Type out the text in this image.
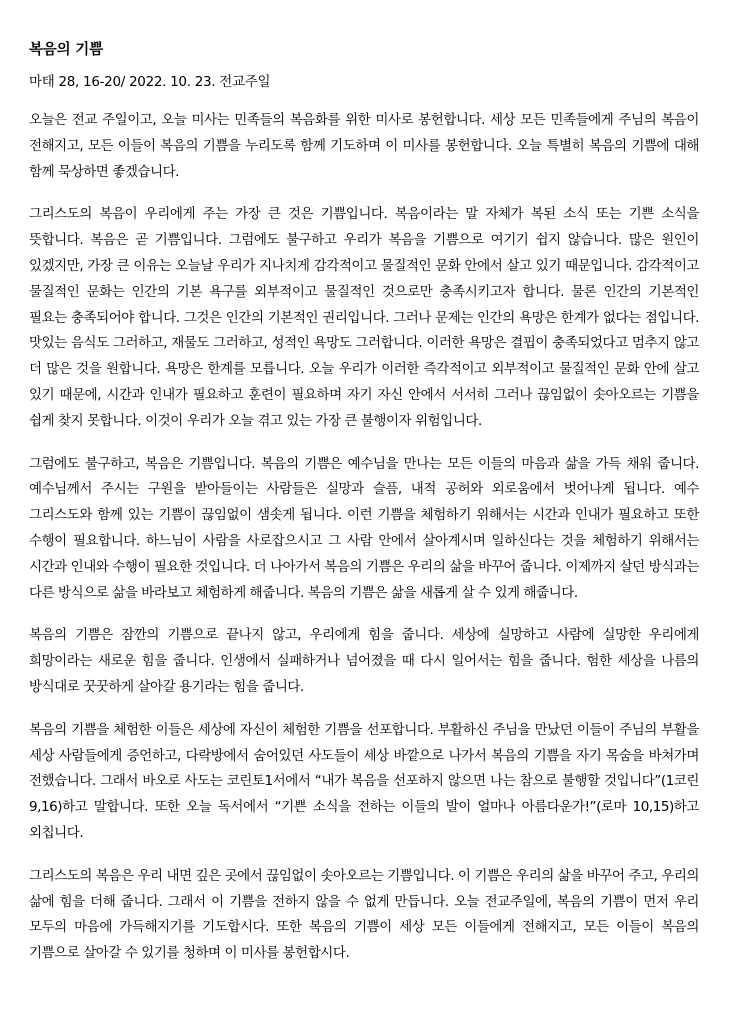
복음의 기쁨
마태 28, 16-20/ 2022. 10. 23. 전교주일

오늘은 전교 주일이고, 오늘 미사는 민족들의 복음화를 위한 미사로 봉헌합니다. 세상 모든 민족들에게 주님의 복음이 전해지고, 모든 이들이 복음의 기쁨을 누리도록 함께 기도하며 이 미사를 봉헌합니다. 오늘 특별히 복음의 기쁨에 대해 함께 묵상하면 좋겠습니다.

그리스도의 복음이 우리에게 주는 가장 큰 것은 기쁨입니다. 복음이라는 말 자체가 복된 소식 또는 기쁜 소식을 뜻합니다. 복음은 곧 기쁨입니다. 그럼에도 불구하고 우리가 복음을 기쁨으로 여기기 쉽지 않습니다. 많은 원인이 있겠지만, 가장 큰 이유는 오늘날 우리가 지나치게 감각적이고 물질적인 문화 안에서 살고 있기 때문입니다. 감각적이고 물질적인 문화는 인간의 기본 욕구를 외부적이고 물질적인 것으로만 충족시키고자 합니다. 물론 인간의 기본적인 필요는 충족되어야 합니다. 그것은 인간의 기본적인 권리입니다. 그러나 문제는 인간의 욕망은 한계가 없다는 점입니다. 맛있는 음식도 그러하고, 재물도 그러하고, 성적인 욕망도 그러합니다. 이러한 욕망은 결핍이 충족되었다고 멈추지 않고 더 많은 것을 원합니다. 욕망은 한계를 모릅니다. 오늘 우리가 이러한 즉각적이고 외부적이고 물질적인 문화 안에 살고 있기 때문에, 시간과 인내가 필요하고 훈련이 필요하며 자기 자신 안에서 서서히 그러나 끊임없이 솟아오르는 기쁨을 쉽게 찾지 못합니다. 이것이 우리가 오늘 겪고 있는 가장 큰 불행이자 위험입니다.

그럼에도 불구하고, 복음은 기쁨입니다. 복음의 기쁨은 예수님을 만나는 모든 이들의 마음과 삶을 가득 채워 줍니다. 예수님께서 주시는 구원을 받아들이는 사람들은 실망과 슬픔, 내적 공허와 외로움에서 벗어나게 됩니다. 예수 그리스도와 함께 있는 기쁨이 끊임없이 샘솟게 됩니다. 이런 기쁨을 체험하기 위해서는 시간과 인내가 필요하고 또한 수행이 필요합니다. 하느님이 사람을 사로잡으시고 그 사람 안에서 살아계시며 일하신다는 것을 체험하기 위해서는 시간과 인내와 수행이 필요한 것입니다. 더 나아가서 복음의 기쁨은 우리의 삶을 바꾸어 줍니다. 이제까지 살던 방식과는 다른 방식으로 삶을 바라보고 체험하게 해줍니다. 복음의 기쁨은 삶을 새롭게 살 수 있게 해줍니다.

복음의 기쁨은 잠깐의 기쁨으로 끝나지 않고, 우리에게 힘을 줍니다. 세상에 실망하고 사람에 실망한 우리에게 희망이라는 새로운 힘을 줍니다. 인생에서 실패하거나 넘어졌을 때 다시 일어서는 힘을 줍니다. 험한 세상을 나름의 방식대로 꿋꿋하게 살아갈 용기라는 힘을 줍니다.

복음의 기쁨을 체험한 이들은 세상에 자신이 체험한 기쁨을 선포합니다. 부활하신 주님을 만났던 이들이 주님의 부활을 세상 사람들에게 증언하고, 다락방에서 숨어있던 사도들이 세상 바깥으로 나가서 복음의 기쁨을 자기 목숨을 바쳐가며 전했습니다. 그래서 바오로 사도는 코린토1서에서 “내가 복음을 선포하지 않으면 나는 참으로 불행할 것입니다”(1코린 9,16)하고 말합니다. 또한 오늘 독서에서 “기쁜 소식을 전하는 이들의 발이 얼마나 아름다운가!”(로마 10,15)하고 외칩니다.

그리스도의 복음은 우리 내면 깊은 곳에서 끊임없이 솟아오르는 기쁨입니다. 이 기쁨은 우리의 삶을 바꾸어 주고, 우리의 삶에 힘을 더해 줍니다. 그래서 이 기쁨을 전하지 않을 수 없게 만듭니다. 오늘 전교주일에, 복음의 기쁨이 먼저 우리 모두의 마음에 가득해지기를 기도합시다. 또한 복음의 기쁨이 세상 모든 이들에게 전해지고, 모든 이들이 복음의 기쁨으로 살아갈 수 있기를 청하며 이 미사를 봉헌합시다.
